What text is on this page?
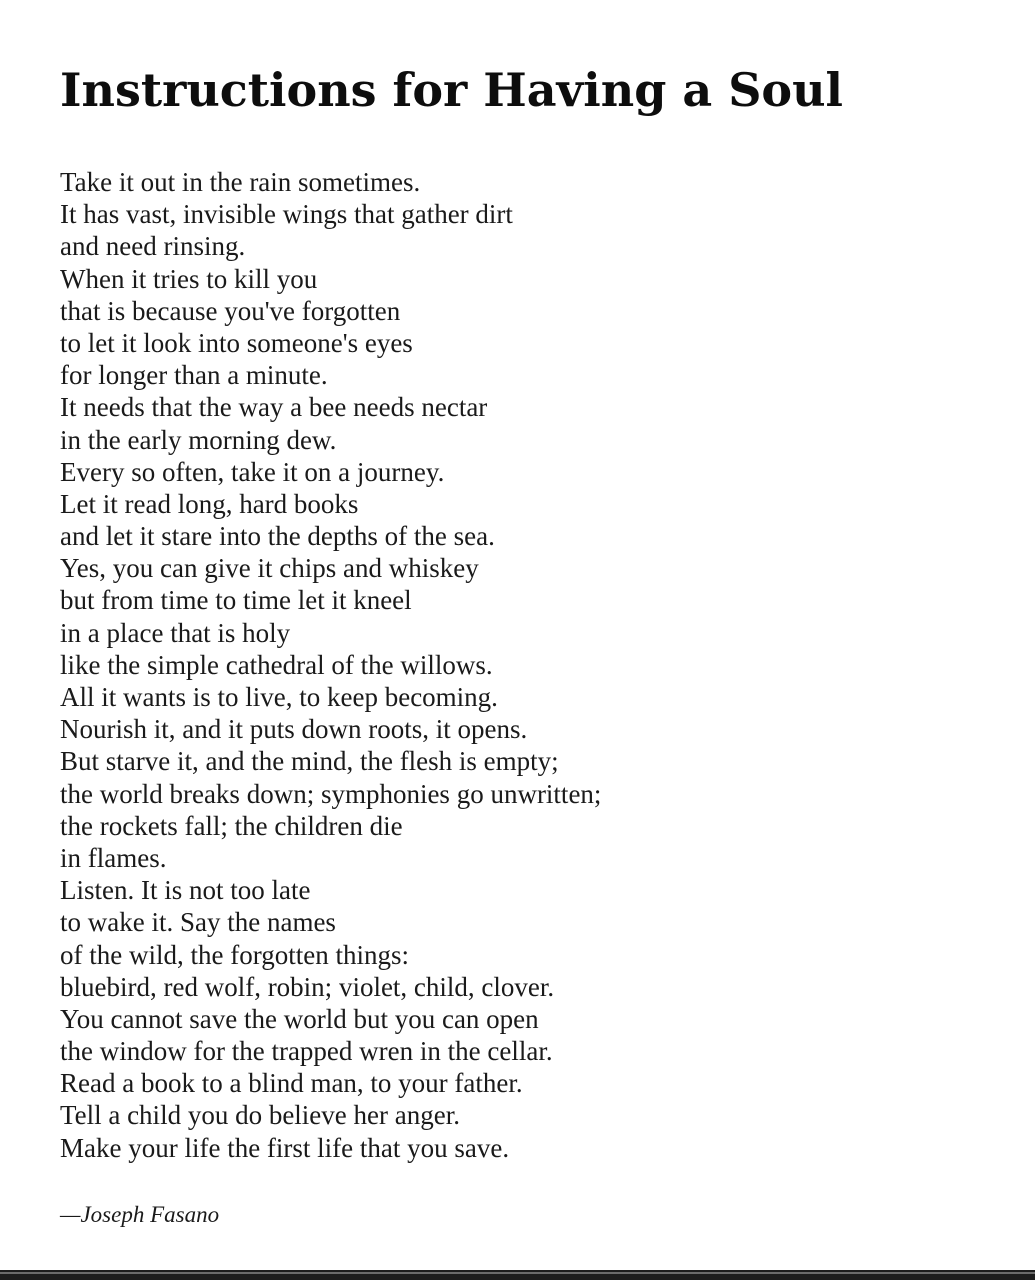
Instructions for Having a Soul
Take it out in the rain sometimes.
It has vast, invisible wings that gather dirt
and need rinsing.
When it tries to kill you
that is because you've forgotten
to let it look into someone's eyes
for longer than a minute.
It needs that the way a bee needs nectar
in the early morning dew.
Every so often, take it on a journey.
Let it read long, hard books
and let it stare into the depths of the sea.
Yes, you can give it chips and whiskey
but from time to time let it kneel
in a place that is holy
like the simple cathedral of the willows.
All it wants is to live, to keep becoming.
Nourish it, and it puts down roots, it opens.
But starve it, and the mind, the flesh is empty;
the world breaks down; symphonies go unwritten;
the rockets fall; the children die
in flames.
Listen. It is not too late
to wake it. Say the names
of the wild, the forgotten things:
bluebird, red wolf, robin; violet, child, clover.
You cannot save the world but you can open
the window for the trapped wren in the cellar.
Read a book to a blind man, to your father.
Tell a child you do believe her anger.
Make your life the first life that you save.
—Joseph Fasano
